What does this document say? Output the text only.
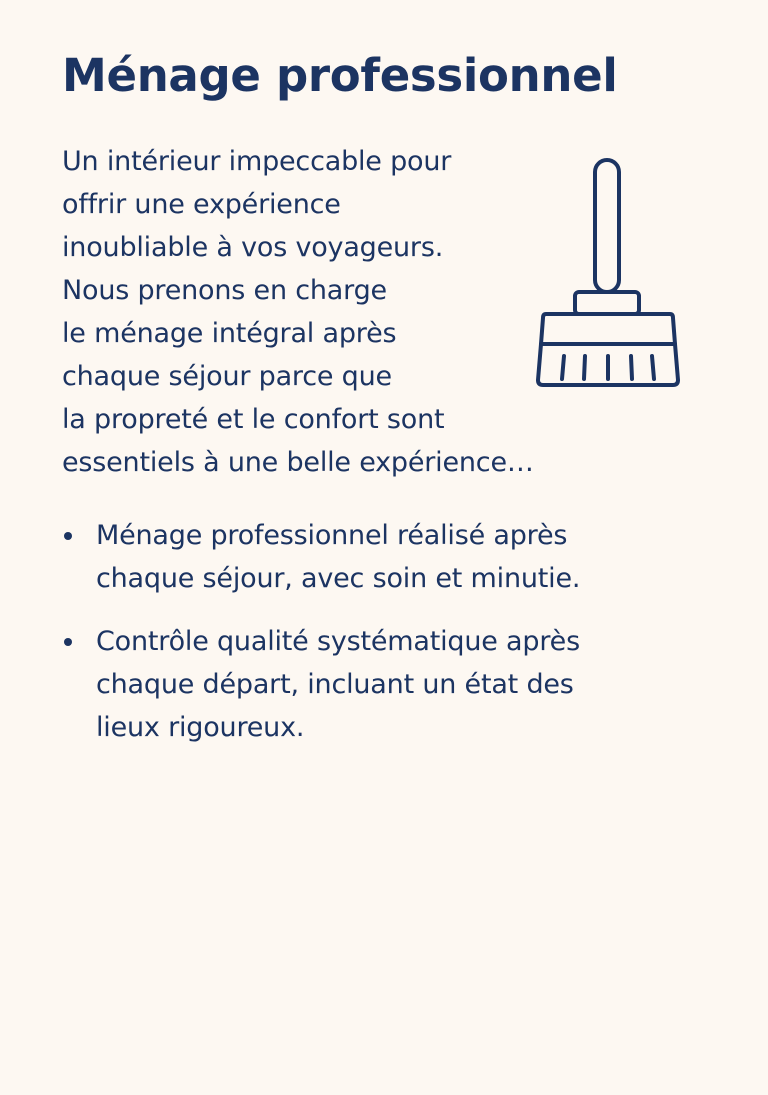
Ménage professionnel

Un intérieur impeccable pour
offrir une expérience
inoubliable à vos voyageurs.
Nous prenons en charge
le ménage intégral après
chaque séjour parce que
la propreté et le confort sont
essentiels à une belle expérience…

Ménage professionnel réalisé après
chaque séjour, avec soin et minutie.
Contrôle qualité systématique après
chaque départ, incluant un état des
lieux rigoureux.
